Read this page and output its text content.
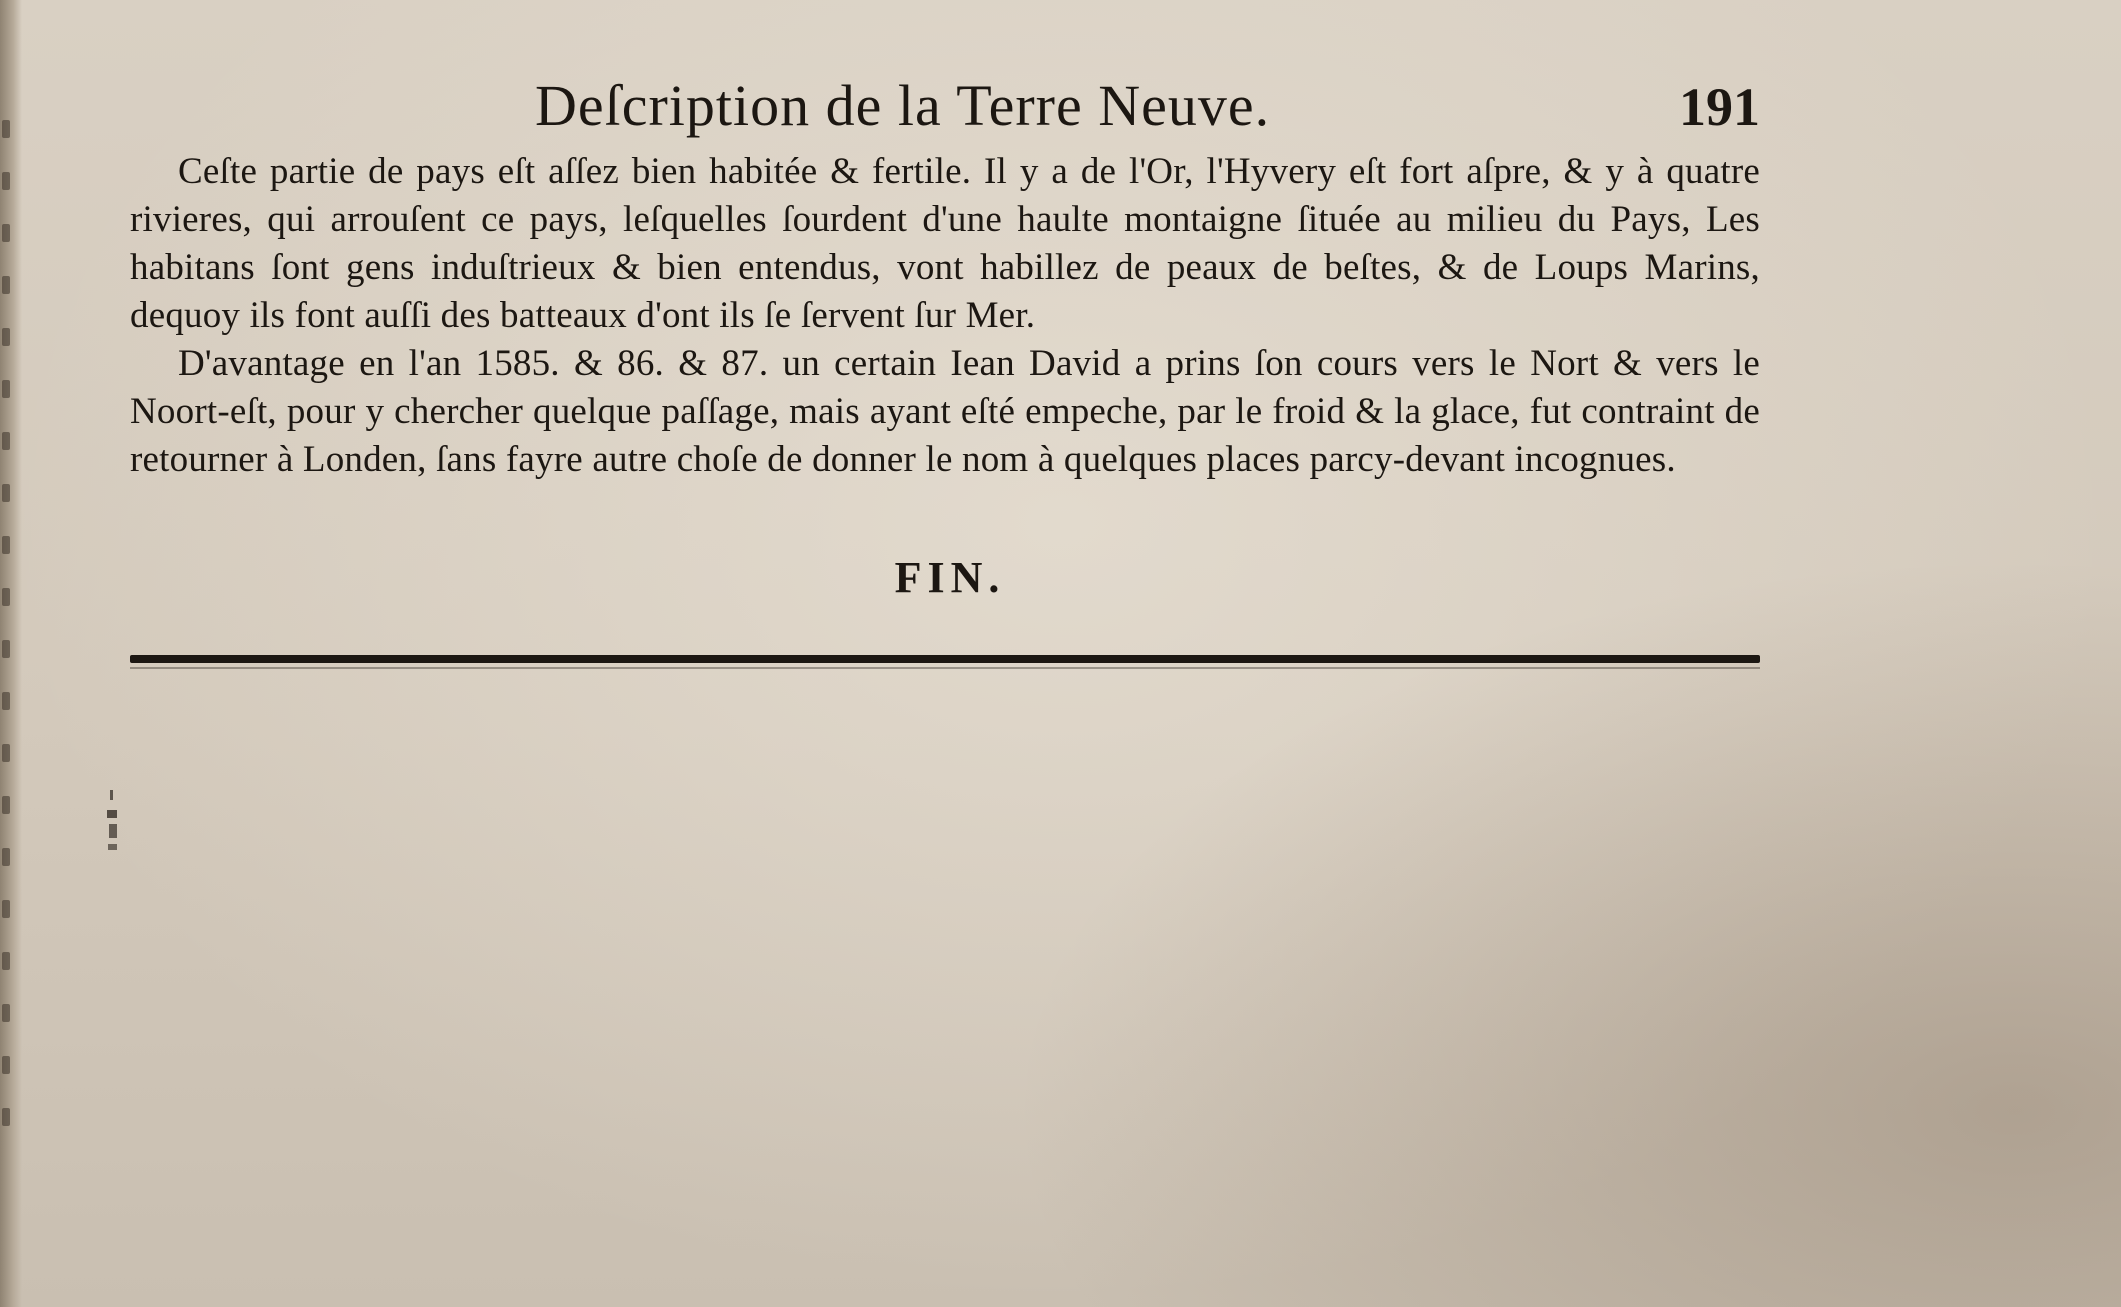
Deſcription de la Terre Neuve.	191

Ceſte partie de pays eſt aſſez bien habitée & fertile. Il y a de l'Or, l'Hyvery eſt fort aſpre, & y à quatre rivieres, qui arrouſent ce pays, leſquelles ſourdent d'une haulte montaigne ſituée au milieu du Pays, Les habitans ſont gens induſtrieux & bien entendus, vont habillez de peaux de beſtes, & de Loups Marins, dequoy ils font auſſi des batteaux d'ont ils ſe ſervent ſur Mer.

D'avantage en l'an 1585. & 86. & 87. un certain Iean David a prins ſon cours vers le Nort & vers le Noort-eſt, pour y chercher quelque paſſage, mais ayant eſté empeche, par le froid & la glace, fut contraint de retourner à Londen, ſans fayre autre choſe de donner le nom à quelques places parcy-devant incognues.

FIN.
